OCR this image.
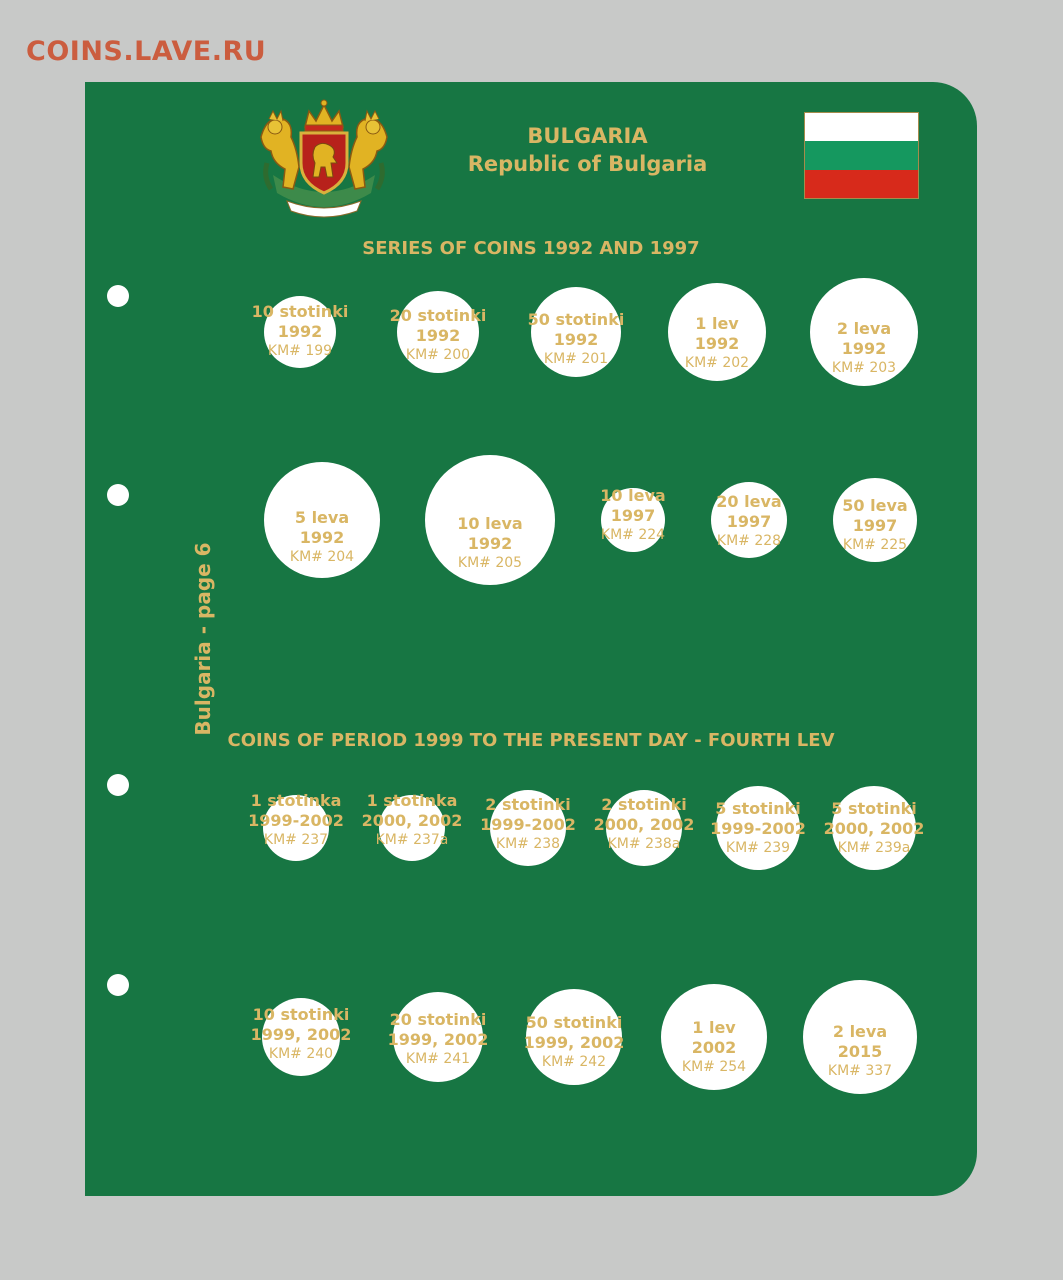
COINS.LAVE.RU
BULGARIA
Republic of Bulgaria
SERIES OF COINS 1992 AND 1997
COINS OF PERIOD 1999 TO THE PRESENT DAY - FOURTH LEV
Bulgaria - page 6
10 stotinki
1992
KM# 199
20 stotinki
1992
KM# 200
50 stotinki
1992
KM# 201
1 lev
1992
KM# 202
2 leva
1992
KM# 203
5 leva
1992
KM# 204
10 leva
1992
KM# 205
10 leva
1997
KM# 224
20 leva
1997
KM# 228
50 leva
1997
KM# 225
1 stotinka
1999-2002
KM# 237
1 stotinka
2000, 2002
KM# 237a
2 stotinki
1999-2002
KM# 238
2 stotinki
2000, 2002
KM# 238a
5 stotinki
1999-2002
KM# 239
5 stotinki
2000, 2002
KM# 239a
10 stotinki
1999, 2002
KM# 240
20 stotinki
1999, 2002
KM# 241
50 stotinki
1999, 2002
KM# 242
1 lev
2002
KM# 254
2 leva
2015
KM# 337
